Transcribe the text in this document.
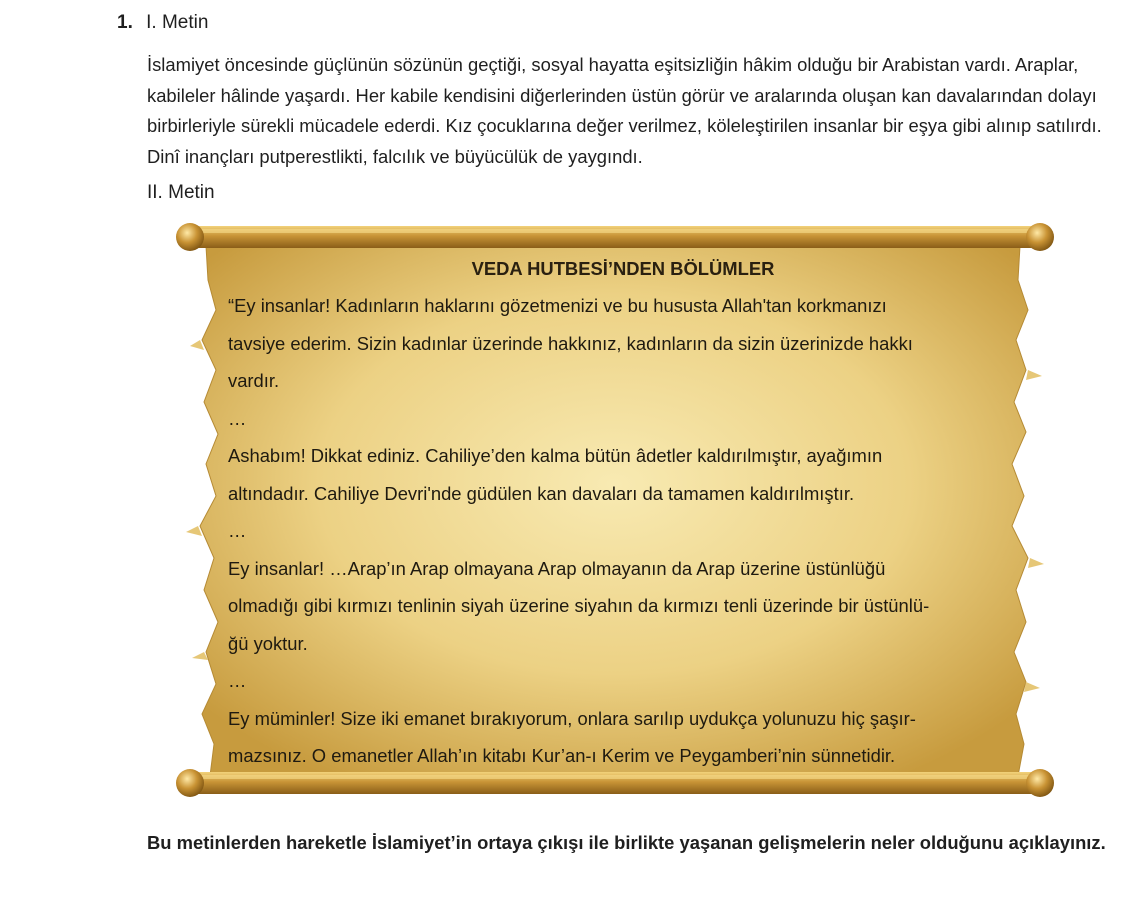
1. I. Metin

İslamiyet öncesinde güçlünün sözünün geçtiği, sosyal hayatta eşitsizliğin hâkim olduğu bir Arabistan vardı. Araplar, kabileler hâlinde yaşardı. Her kabile kendisini diğerlerinden üstün görür ve aralarında oluşan kan davalarından dolayı birbirleriyle sürekli mücadele ederdi. Kız çocuklarına değer verilmez, köleleştirilen insanlar bir eşya gibi alınıp satılırdı. Dinî inançları putperestlikti, falcılık ve büyücülük de yaygındı.

II. Metin
VEDA HUTBESİ’NDEN BÖLÜMLER
“Ey insanlar! Kadınların haklarını gözetmenizi ve bu hususta Allah'tan korkmanızı
tavsiye ederim. Sizin kadınlar üzerinde hakkınız, kadınların da sizin üzerinizde hakkı
vardır.
…
Ashabım! Dikkat ediniz. Cahiliye’den kalma bütün âdetler kaldırılmıştır, ayağımın
altındadır. Cahiliye Devri'nde güdülen kan davaları da tamamen kaldırılmıştır.
…
Ey insanlar! …Arap’ın Arap olmayana Arap olmayanın da Arap üzerine üstünlüğü
olmadığı gibi kırmızı tenlinin siyah üzerine siyahın da kırmızı tenli üzerinde bir üstünlü-
ğü yoktur.
…
Ey müminler! Size iki emanet bırakıyorum, onlara sarılıp uydukça yolunuzu hiç şaşır-
mazsınız. O emanetler Allah’ın kitabı Kur’an-ı Kerim ve Peygamberi’nin sünnetidir.

Bu metinlerden hareketle İslamiyet’in ortaya çıkışı ile birlikte yaşanan gelişmelerin neler olduğunu açıklayınız.
